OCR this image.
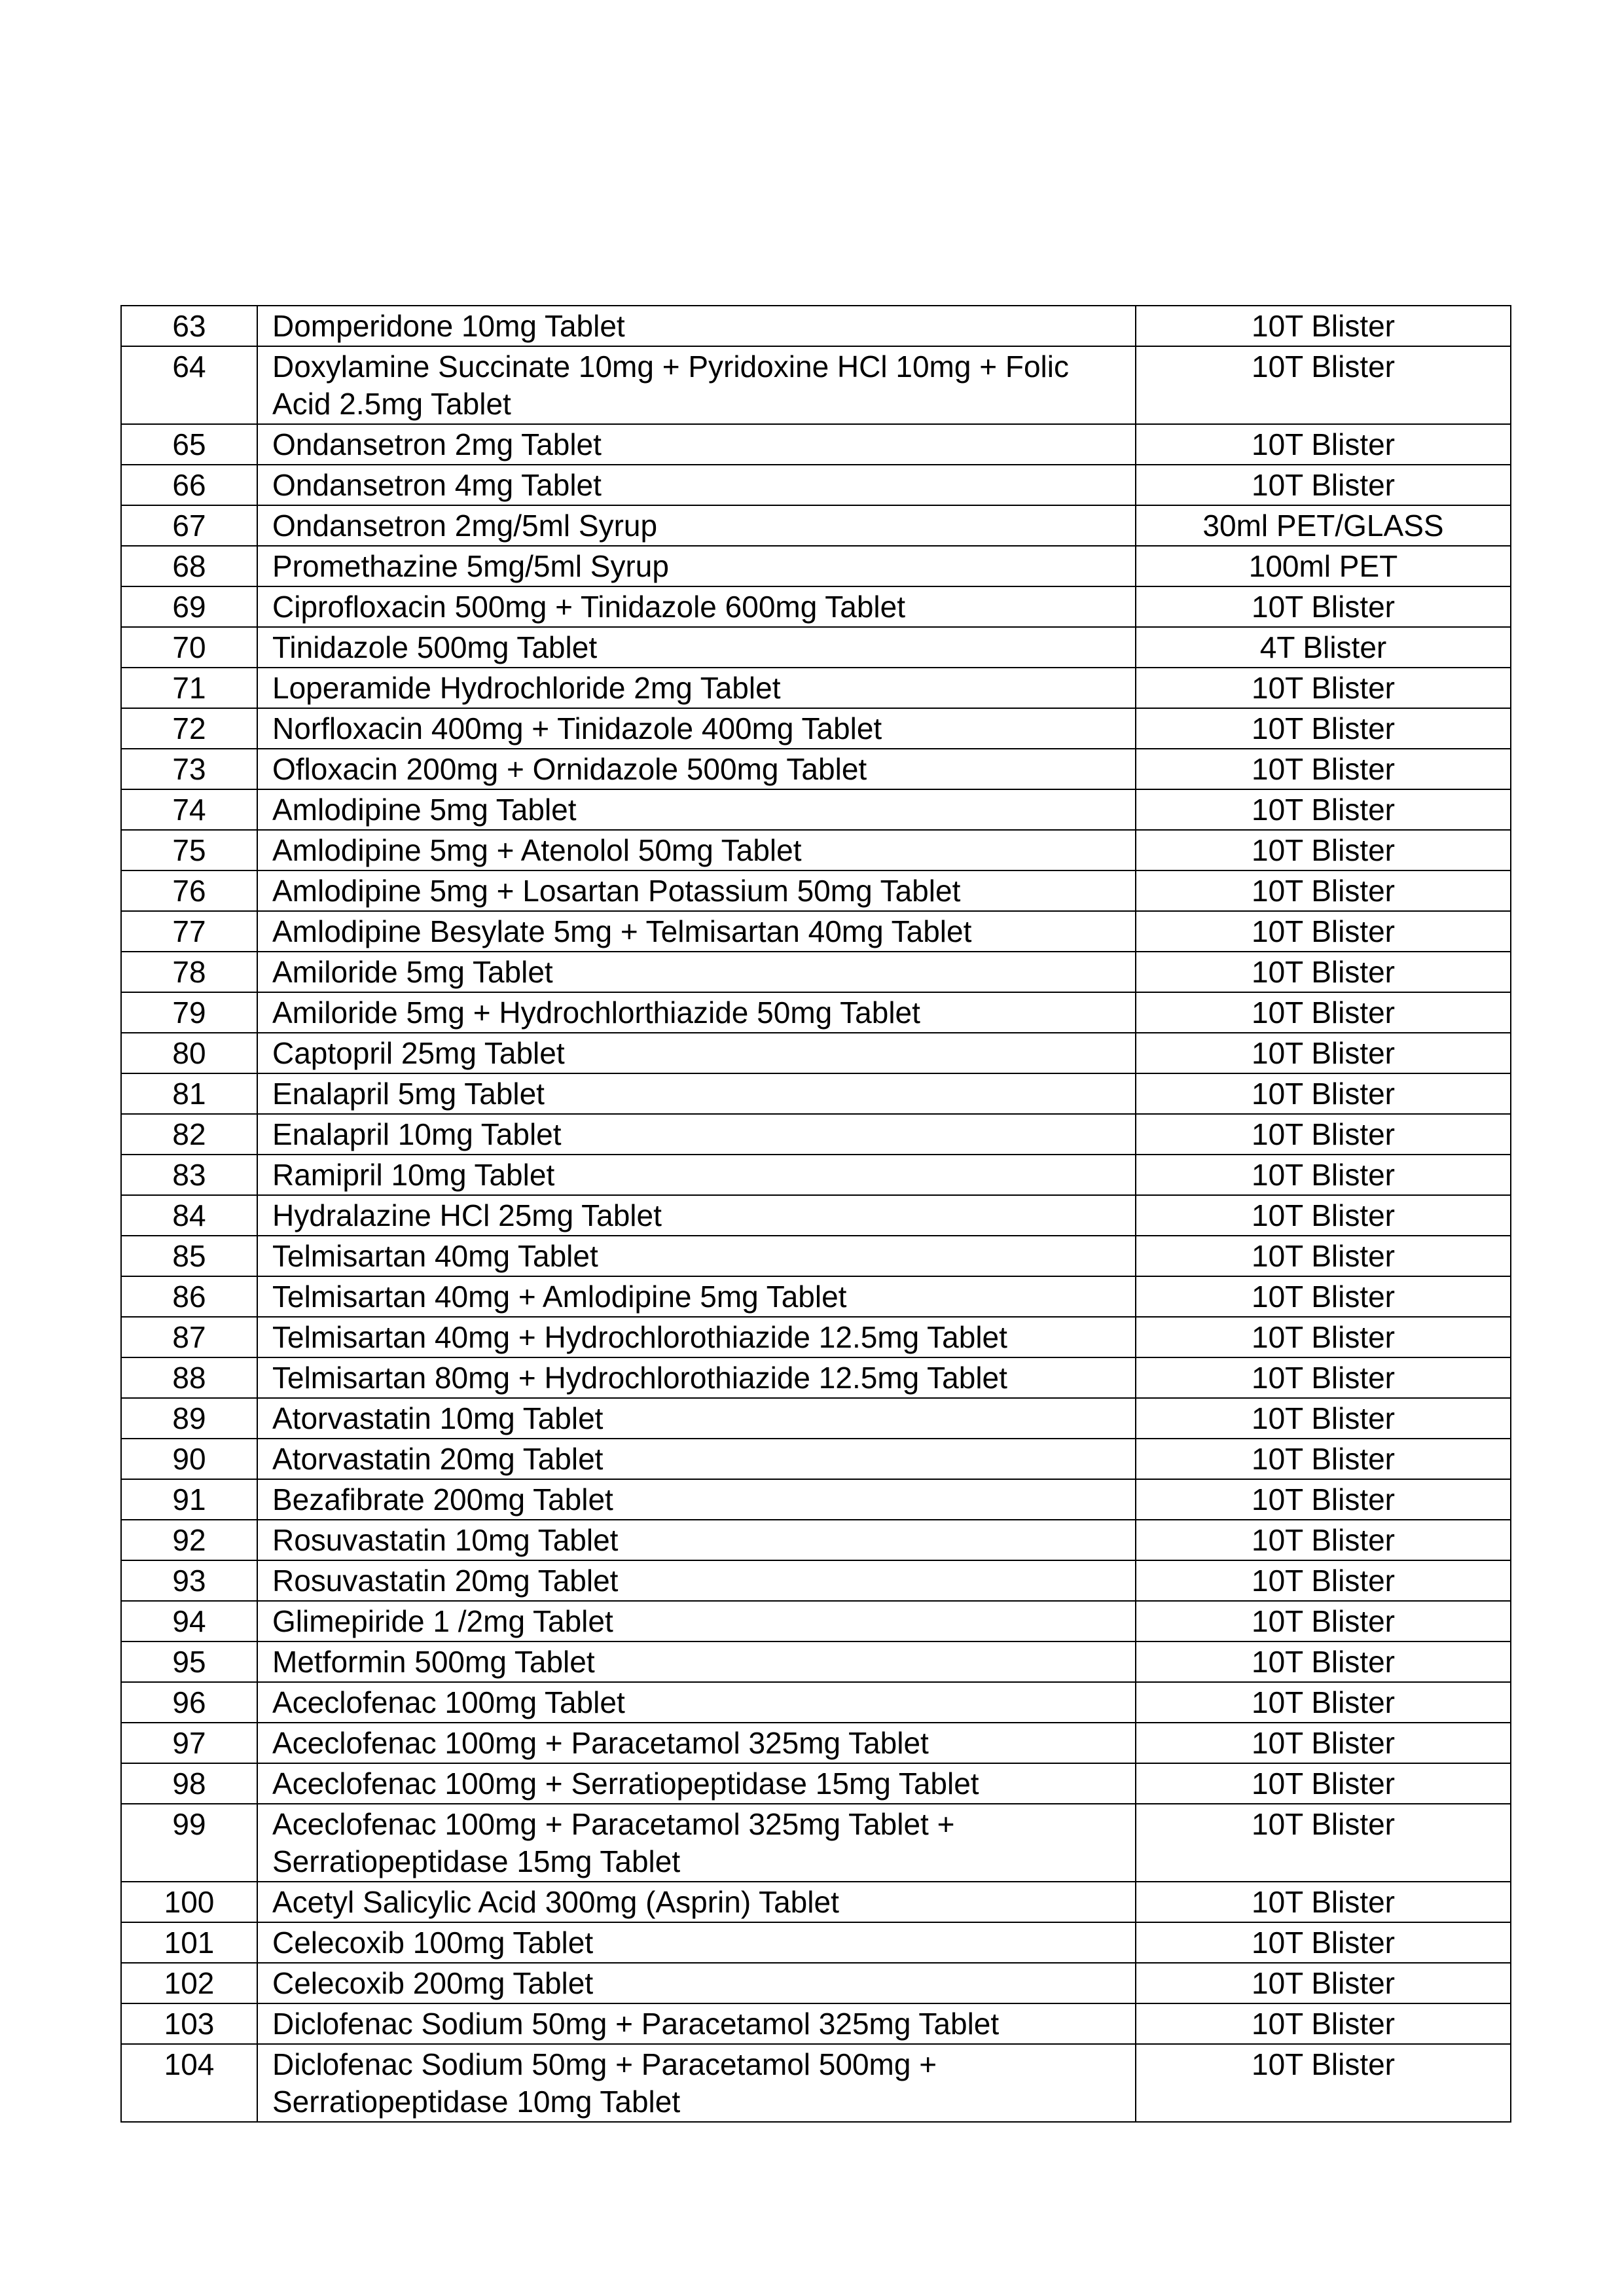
63	Domperidone 10mg Tablet	10T Blister
64	Doxylamine Succinate 10mg + Pyridoxine HCl 10mg + Folic Acid 2.5mg Tablet	10T Blister
65	Ondansetron 2mg Tablet	10T Blister
66	Ondansetron 4mg Tablet	10T Blister
67	Ondansetron 2mg/5ml Syrup	30ml PET/GLASS
68	Promethazine 5mg/5ml Syrup	100ml PET
69	Ciprofloxacin 500mg + Tinidazole 600mg Tablet	10T Blister
70	Tinidazole 500mg Tablet	4T Blister
71	Loperamide Hydrochloride 2mg Tablet	10T Blister
72	Norfloxacin 400mg + Tinidazole 400mg Tablet	10T Blister
73	Ofloxacin 200mg + Ornidazole 500mg Tablet	10T Blister
74	Amlodipine 5mg Tablet	10T Blister
75	Amlodipine 5mg + Atenolol 50mg Tablet	10T Blister
76	Amlodipine 5mg + Losartan Potassium 50mg Tablet	10T Blister
77	Amlodipine Besylate 5mg + Telmisartan 40mg Tablet	10T Blister
78	Amiloride 5mg Tablet	10T Blister
79	Amiloride 5mg + Hydrochlorthiazide 50mg Tablet	10T Blister
80	Captopril 25mg Tablet	10T Blister
81	Enalapril 5mg Tablet	10T Blister
82	Enalapril 10mg Tablet	10T Blister
83	Ramipril 10mg Tablet	10T Blister
84	Hydralazine HCl 25mg Tablet	10T Blister
85	Telmisartan 40mg Tablet	10T Blister
86	Telmisartan 40mg + Amlodipine 5mg Tablet	10T Blister
87	Telmisartan 40mg + Hydrochlorothiazide 12.5mg Tablet	10T Blister
88	Telmisartan 80mg + Hydrochlorothiazide 12.5mg Tablet	10T Blister
89	Atorvastatin 10mg Tablet	10T Blister
90	Atorvastatin 20mg Tablet	10T Blister
91	Bezafibrate 200mg Tablet	10T Blister
92	Rosuvastatin 10mg Tablet	10T Blister
93	Rosuvastatin 20mg Tablet	10T Blister
94	Glimepiride 1 /2mg Tablet	10T Blister
95	Metformin 500mg Tablet	10T Blister
96	Aceclofenac 100mg Tablet	10T Blister
97	Aceclofenac 100mg + Paracetamol 325mg Tablet	10T Blister
98	Aceclofenac 100mg + Serratiopeptidase 15mg Tablet	10T Blister
99	Aceclofenac 100mg + Paracetamol 325mg Tablet + Serratiopeptidase 15mg Tablet	10T Blister
100	Acetyl Salicylic Acid 300mg (Asprin) Tablet	10T Blister
101	Celecoxib 100mg Tablet	10T Blister
102	Celecoxib 200mg Tablet	10T Blister
103	Diclofenac Sodium 50mg + Paracetamol 325mg Tablet	10T Blister
104	Diclofenac Sodium 50mg + Paracetamol 500mg + Serratiopeptidase 10mg Tablet	10T Blister
